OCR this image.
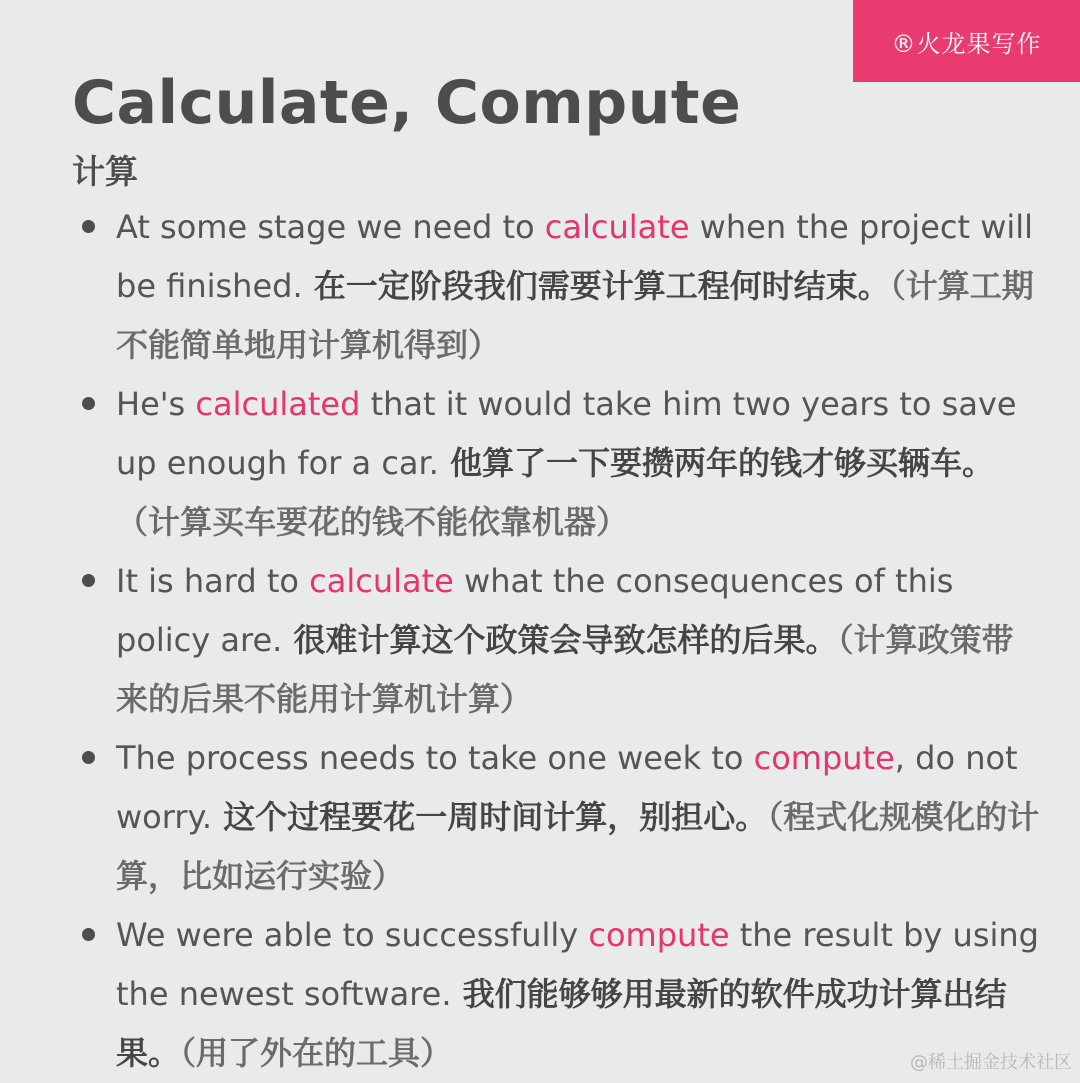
®火龙果写作
Calculate, Compute
计算
At some stage we need to calculate when the project will be finished. 在一定阶段我们需要计算工程何时结束。（计算工期不能简单地用计算机得到）
He's calculated that it would take him two years to save up enough for a car. 他算了一下要攒两年的钱才够买辆车。（计算买车要花的钱不能依靠机器）
It is hard to calculate what the consequences of this policy are. 很难计算这个政策会导致怎样的后果。（计算政策带来的后果不能用计算机计算）
The process needs to take one week to compute, do not worry. 这个过程要花一周时间计算，别担心。（程式化规模化的计算，比如运行实验）
We were able to successfully compute the result by using the newest software. 我们能够够用最新的软件成功计算出结果。（用了外在的工具）	@稀土掘金技术社区
